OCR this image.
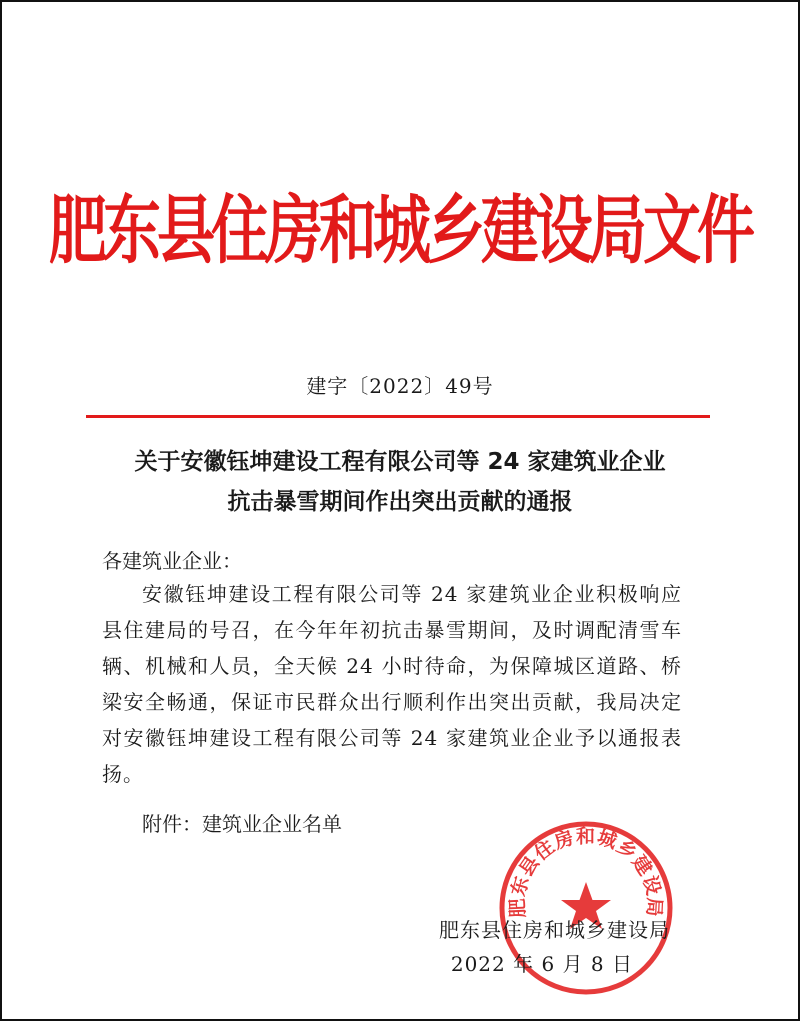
肥东县住房和城乡建设局文件
建字〔2022〕49号
关于安徽钰坤建设工程有限公司等 24 家建筑业企业
抗击暴雪期间作出突出贡献的通报
各建筑业企业：
安徽钰坤建设工程有限公司等 24 家建筑业企业积极响应县住建局的号召，在今年年初抗击暴雪期间，及时调配清雪车辆、机械和人员，全天候 24 小时待命，为保障城区道路、桥梁安全畅通，保证市民群众出行顺利作出突出贡献，我局决定对安徽钰坤建设工程有限公司等 24 家建筑业企业予以通报表扬。
附件：建筑业企业名单
肥东县住房和城乡建设局
肥东县住房和城乡建设局
2022 年 6 月 8 日
